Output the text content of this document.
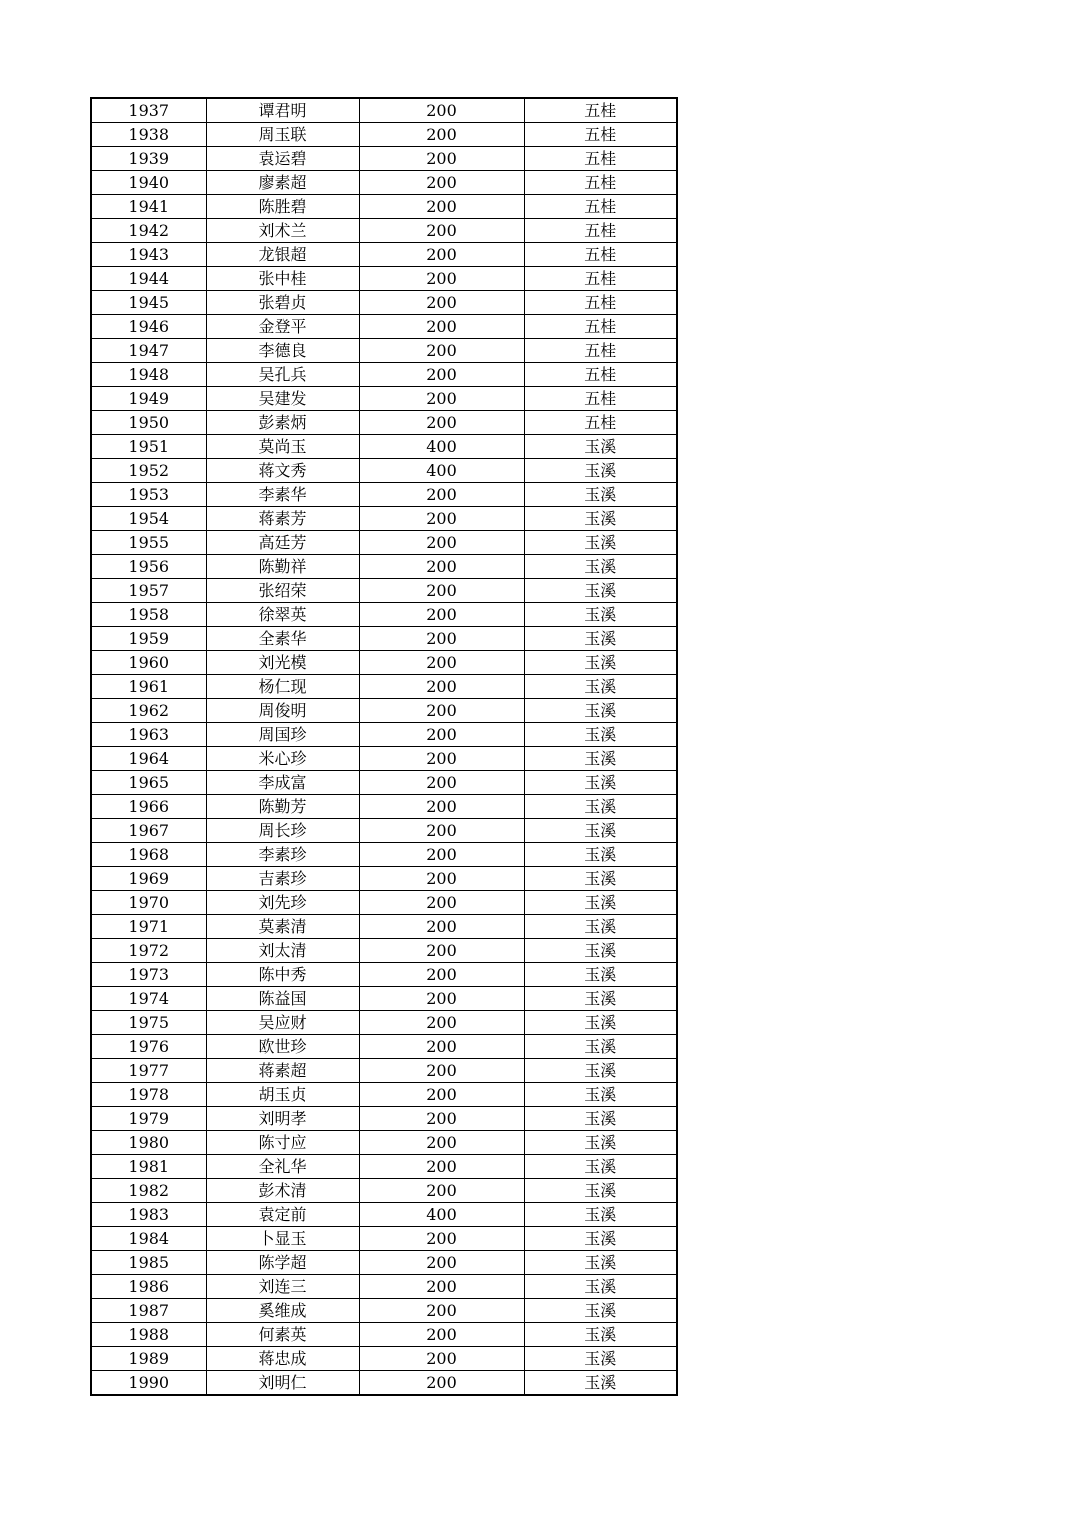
1937	谭君明	200	五桂
1938	周玉联	200	五桂
1939	袁运碧	200	五桂
1940	廖素超	200	五桂
1941	陈胜碧	200	五桂
1942	刘术兰	200	五桂
1943	龙银超	200	五桂
1944	张中桂	200	五桂
1945	张碧贞	200	五桂
1946	金登平	200	五桂
1947	李德良	200	五桂
1948	吴孔兵	200	五桂
1949	吴建发	200	五桂
1950	彭素炳	200	五桂
1951	莫尚玉	400	玉溪
1952	蒋文秀	400	玉溪
1953	李素华	200	玉溪
1954	蒋素芳	200	玉溪
1955	高廷芳	200	玉溪
1956	陈勤祥	200	玉溪
1957	张绍荣	200	玉溪
1958	徐翠英	200	玉溪
1959	全素华	200	玉溪
1960	刘光模	200	玉溪
1961	杨仁现	200	玉溪
1962	周俊明	200	玉溪
1963	周国珍	200	玉溪
1964	米心珍	200	玉溪
1965	李成富	200	玉溪
1966	陈勤芳	200	玉溪
1967	周长珍	200	玉溪
1968	李素珍	200	玉溪
1969	吉素珍	200	玉溪
1970	刘先珍	200	玉溪
1971	莫素清	200	玉溪
1972	刘太清	200	玉溪
1973	陈中秀	200	玉溪
1974	陈益国	200	玉溪
1975	吴应财	200	玉溪
1976	欧世珍	200	玉溪
1977	蒋素超	200	玉溪
1978	胡玉贞	200	玉溪
1979	刘明孝	200	玉溪
1980	陈寸应	200	玉溪
1981	全礼华	200	玉溪
1982	彭术清	200	玉溪
1983	袁定前	400	玉溪
1984	卜显玉	200	玉溪
1985	陈学超	200	玉溪
1986	刘连三	200	玉溪
1987	奚维成	200	玉溪
1988	何素英	200	玉溪
1989	蒋忠成	200	玉溪
1990	刘明仁	200	玉溪
